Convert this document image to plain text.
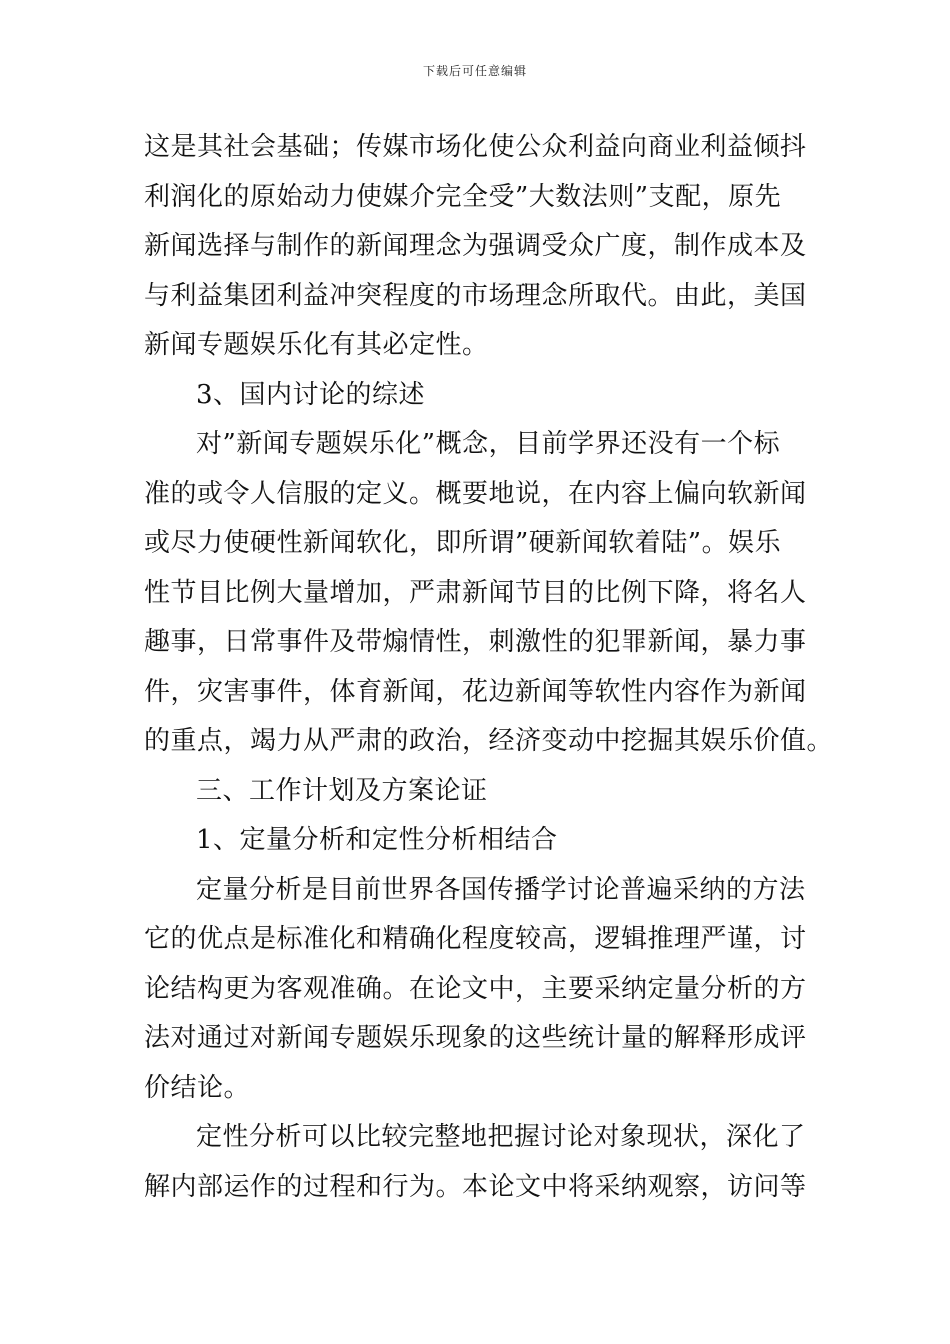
下载后可任意编辑
这是其社会基础；传媒市场化使公众利益向商业利益倾抖
利润化的原始动力使媒介完全受”大数法则”支配，原先
新闻选择与制作的新闻理念为强调受众广度，制作成本及
与利益集团利益冲突程度的市场理念所取代。由此，美国
新闻专题娱乐化有其必定性。
3、国内讨论的综述
对”新闻专题娱乐化”概念，目前学界还没有一个标
准的或令人信服的定义。概要地说，在内容上偏向软新闻
或尽力使硬性新闻软化，即所谓”硬新闻软着陆”。娱乐
性节目比例大量增加，严肃新闻节目的比例下降，将名人
趣事，日常事件及带煽情性，刺激性的犯罪新闻，暴力事
件，灾害事件，体育新闻，花边新闻等软性内容作为新闻
的重点，竭力从严肃的政治，经济变动中挖掘其娱乐价值。
三、工作计划及方案论证
1、定量分析和定性分析相结合
定量分析是目前世界各国传播学讨论普遍采纳的方法
它的优点是标准化和精确化程度较高，逻辑推理严谨，讨
论结构更为客观准确。在论文中，主要采纳定量分析的方
法对通过对新闻专题娱乐现象的这些统计量的解释形成评
价结论。
定性分析可以比较完整地把握讨论对象现状，深化了
解内部运作的过程和行为。本论文中将采纳观察，访问等
